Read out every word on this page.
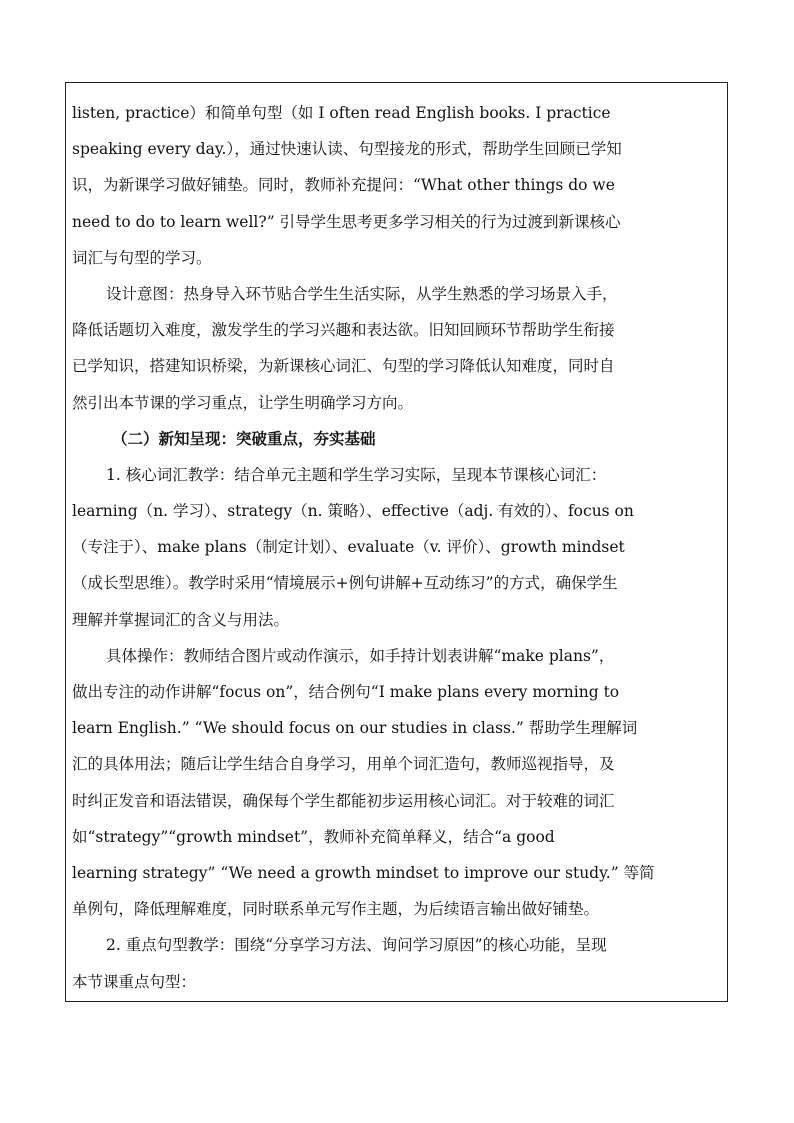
listen, practice）和简单句型（如 I often read English books. I practice
speaking every day.），通过快速认读、句型接龙的形式，帮助学生回顾已学知
识，为新课学习做好铺垫。同时，教师补充提问：“What other things do we
need to do to learn well?” 引导学生思考更多学习相关的行为过渡到新课核心
词汇与句型的学习。
设计意图：热身导入环节贴合学生生活实际，从学生熟悉的学习场景入手，
降低话题切入难度，激发学生的学习兴趣和表达欲。旧知回顾环节帮助学生衔接
已学知识，搭建知识桥梁，为新课核心词汇、句型的学习降低认知难度，同时自
然引出本节课的学习重点，让学生明确学习方向。
（二）新知呈现：突破重点，夯实基础
1. 核心词汇教学：结合单元主题和学生学习实际，呈现本节课核心词汇：
learning（n. 学习）、strategy（n. 策略）、effective（adj. 有效的）、focus on
（专注于）、make plans（制定计划）、evaluate（v. 评价）、growth mindset
（成长型思维）。教学时采用“情境展示+例句讲解+互动练习”的方式，确保学生
理解并掌握词汇的含义与用法。
具体操作：教师结合图片或动作演示，如手持计划表讲解“make plans”，
做出专注的动作讲解“focus on”，结合例句“I make plans every morning to
learn English.” “We should focus on our studies in class.” 帮助学生理解词
汇的具体用法；随后让学生结合自身学习，用单个词汇造句，教师巡视指导，及
时纠正发音和语法错误，确保每个学生都能初步运用核心词汇。对于较难的词汇
如“strategy”“growth mindset”，教师补充简单释义，结合“a good
learning strategy” “We need a growth mindset to improve our study.” 等简
单例句，降低理解难度，同时联系单元写作主题，为后续语言输出做好铺垫。
2. 重点句型教学：围绕“分享学习方法、询问学习原因”的核心功能，呈现
本节课重点句型：
